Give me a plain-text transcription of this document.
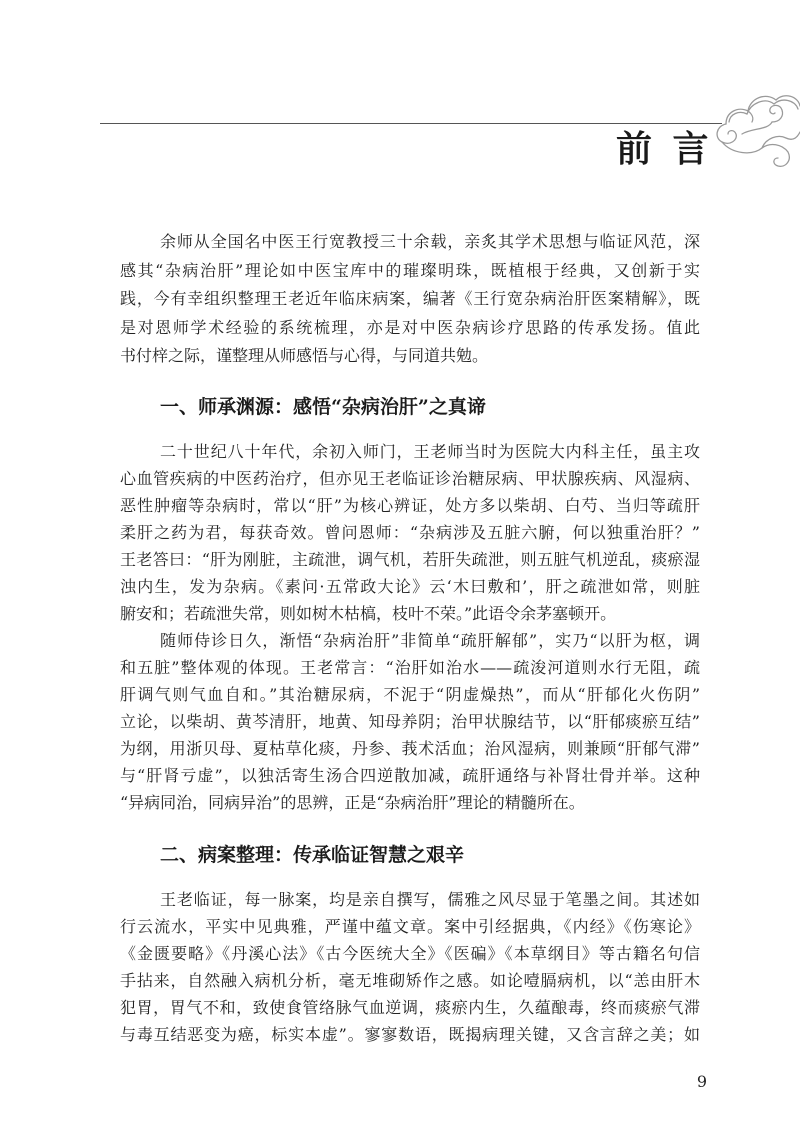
前 言
余师从全国名中医王行宽教授三十余载，亲炙其学术思想与临证风范，深
感其“杂病治肝”理论如中医宝库中的璀璨明珠，既植根于经典，又创新于实
践，今有幸组织整理王老近年临床病案，编著《王行宽杂病治肝医案精解》，既
是对恩师学术经验的系统梳理，亦是对中医杂病诊疗思路的传承发扬。值此
书付梓之际，谨整理从师感悟与心得，与同道共勉。
一、师承渊源：感悟“杂病治肝”之真谛
二十世纪八十年代，余初入师门，王老师当时为医院大内科主任，虽主攻
心血管疾病的中医药治疗，但亦见王老临证诊治糖尿病、甲状腺疾病、风湿病、
恶性肿瘤等杂病时，常以“肝”为核心辨证，处方多以柴胡、白芍、当归等疏肝
柔肝之药为君，每获奇效。曾问恩师：“杂病涉及五脏六腑，何以独重治肝？”
王老答曰：“肝为刚脏，主疏泄，调气机，若肝失疏泄，则五脏气机逆乱，痰瘀湿
浊内生，发为杂病。《素问·五常政大论》云‘木曰敷和’，肝之疏泄如常，则脏
腑安和；若疏泄失常，则如树木枯槁，枝叶不荣。”此语令余茅塞顿开。
随师侍诊日久，渐悟“杂病治肝”非简单“疏肝解郁”，实乃“以肝为枢，调
和五脏”整体观的体现。王老常言：“治肝如治水——疏浚河道则水行无阻，疏
肝调气则气血自和。”其治糖尿病，不泥于“阴虚燥热”，而从“肝郁化火伤阴”
立论，以柴胡、黄芩清肝，地黄、知母养阴；治甲状腺结节，以“肝郁痰瘀互结”
为纲，用浙贝母、夏枯草化痰，丹参、莪术活血；治风湿病，则兼顾“肝郁气滞”
与“肝肾亏虚”，以独活寄生汤合四逆散加减，疏肝通络与补肾壮骨并举。这种
“异病同治，同病异治”的思辨，正是“杂病治肝”理论的精髓所在。
二、病案整理：传承临证智慧之艰辛
王老临证，每一脉案，均是亲自撰写，儒雅之风尽显于笔墨之间。其述如
行云流水，平实中见典雅，严谨中蕴文章。案中引经据典，《内经》《伤寒论》
《金匮要略》《丹溪心法》《古今医统大全》《医碥》《本草纲目》等古籍名句信
手拈来，自然融入病机分析，毫无堆砌矫作之感。如论噎膈病机，以“恙由肝木
犯胃，胃气不和，致使食管络脉气血逆调，痰瘀内生，久蕴酿毒，终而痰瘀气滞
与毒互结恶变为癌，标实本虚”。寥寥数语，既揭病理关键，又含言辞之美；如
9
